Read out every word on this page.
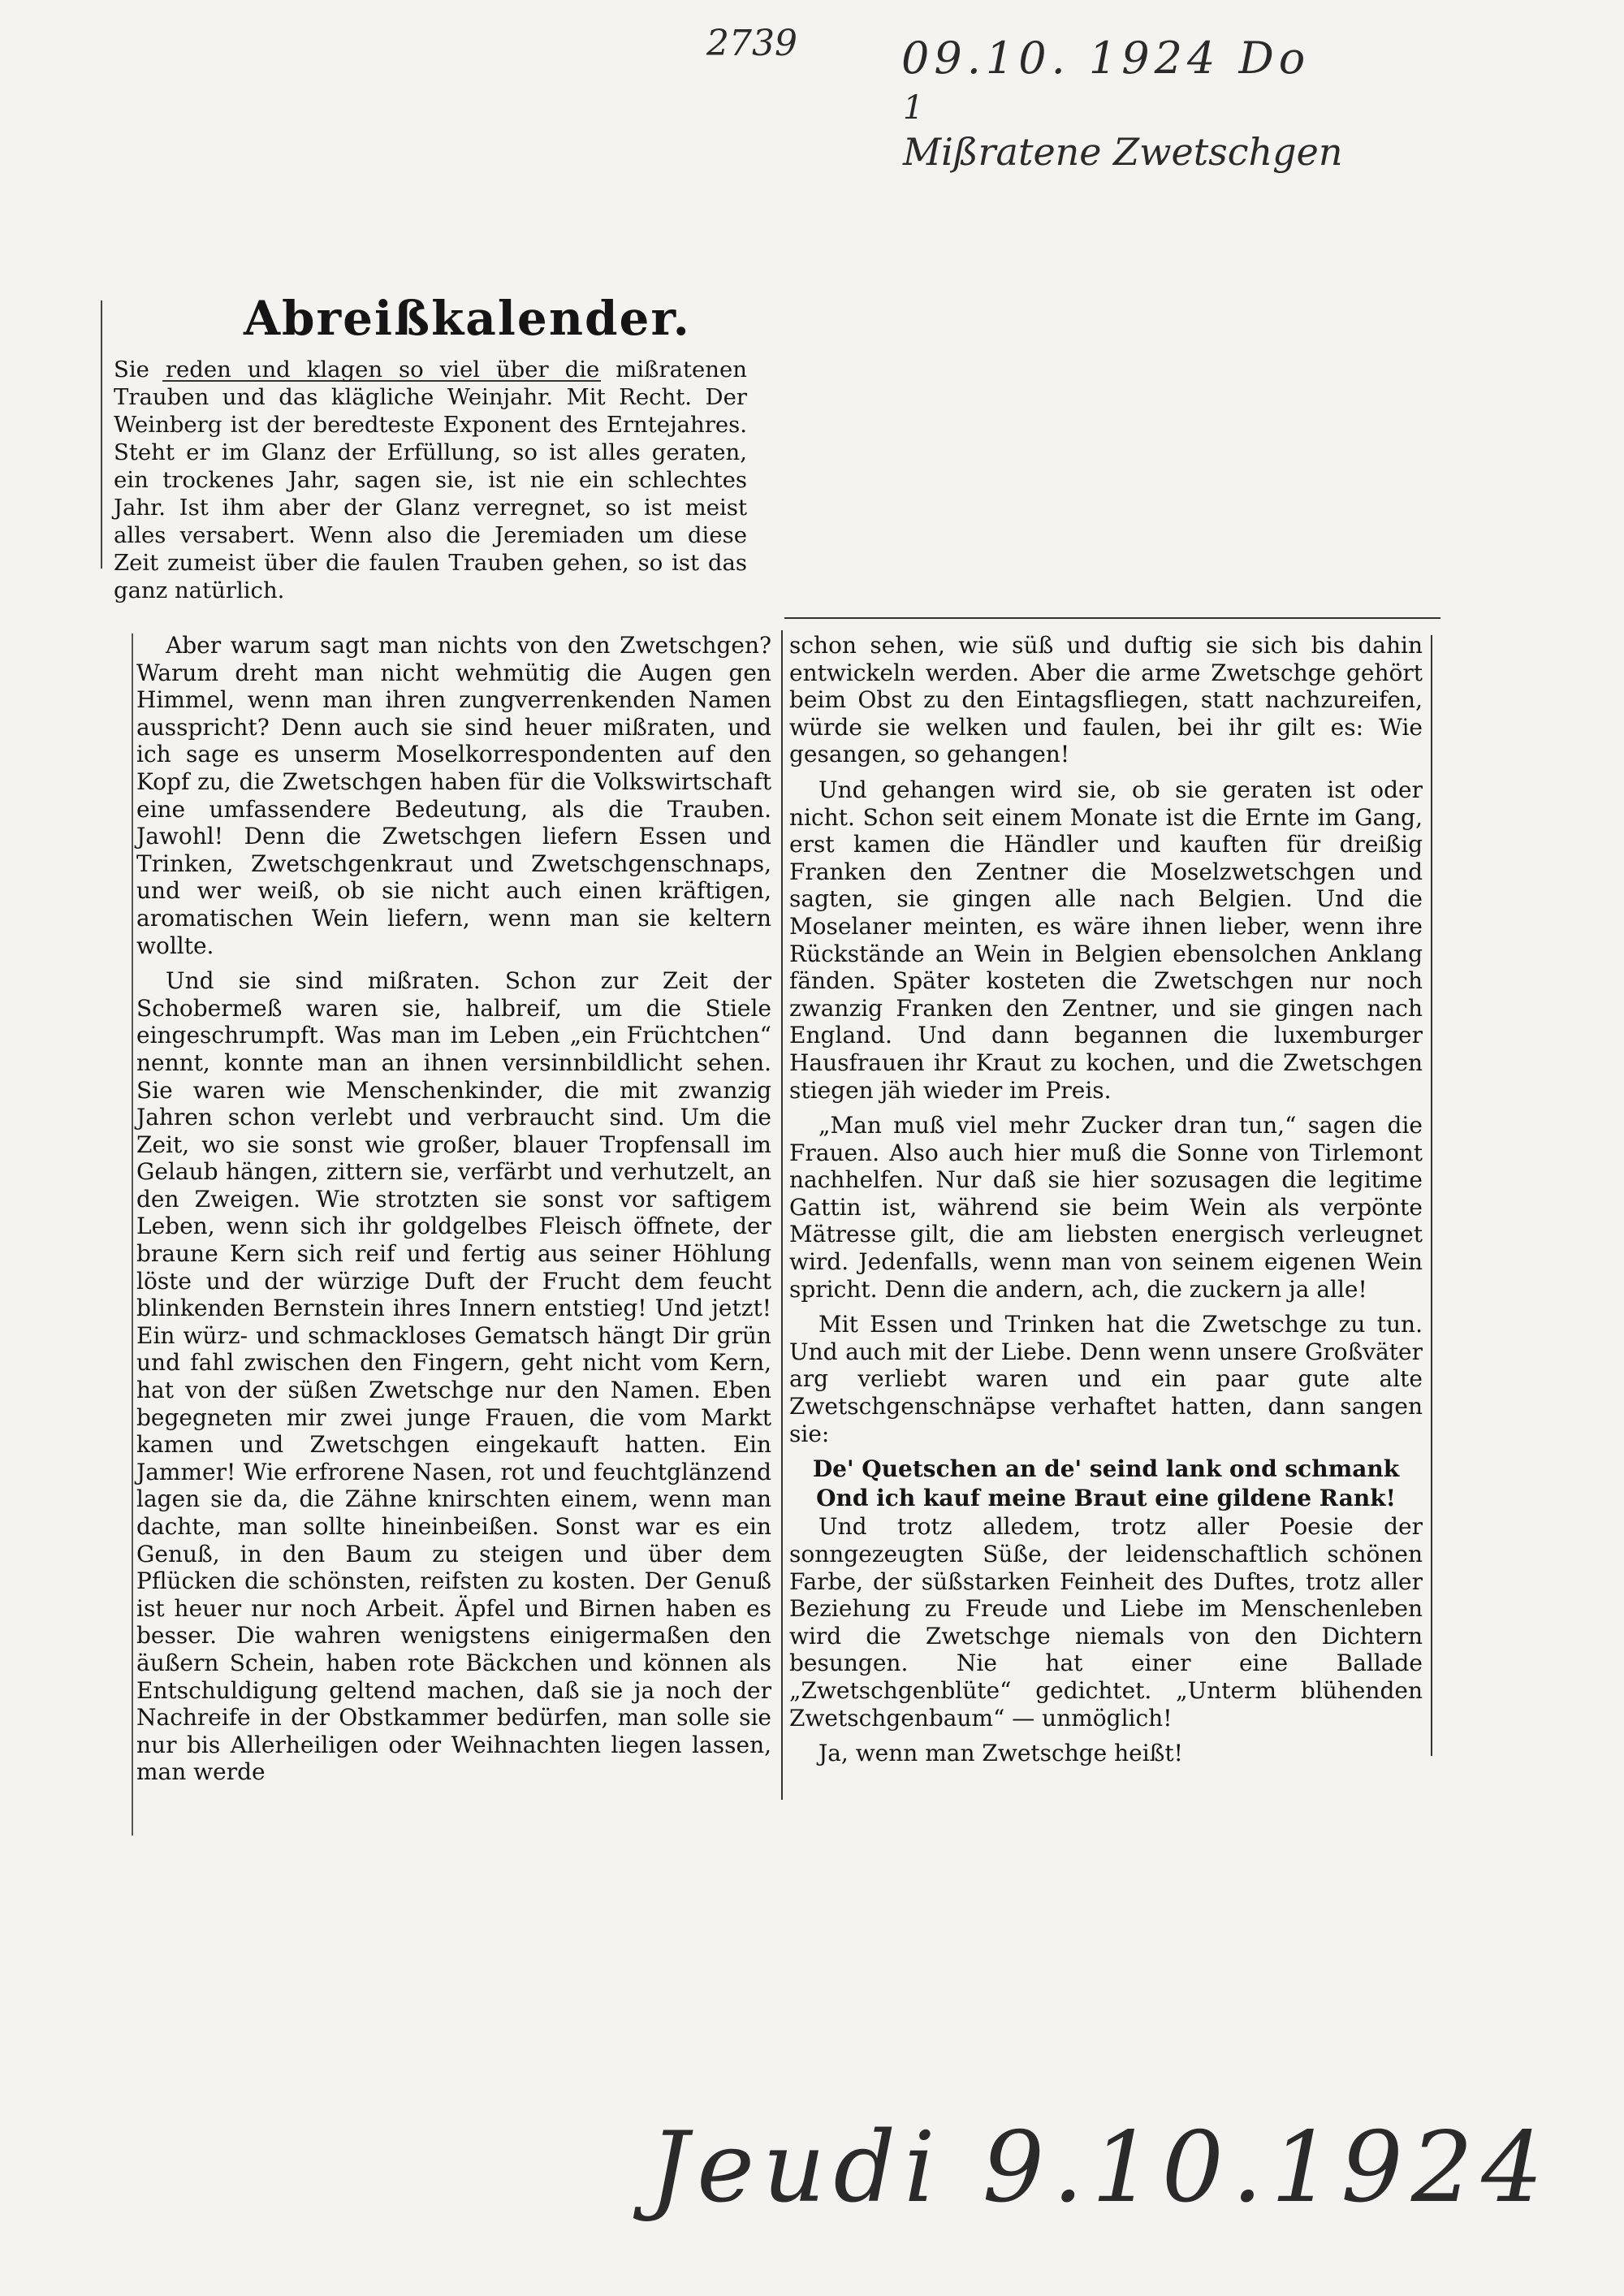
2739 09.10. 1924 Do
1
Mißratene Zwetschgen
Abreißkalender.
Sie reden und klagen so viel über die mißratenen Trauben und das klägliche Weinjahr. Mit Recht. Der Weinberg ist der beredteste Exponent des Erntejahres. Steht er im Glanz der Erfüllung, so ist alles geraten, ein trockenes Jahr, sagen sie, ist nie ein schlechtes Jahr. Ist ihm aber der Glanz verregnet, so ist meist alles versabert. Wenn also die Jeremiaden um diese Zeit zumeist über die faulen Trauben gehen, so ist das ganz natürlich.

Aber warum sagt man nichts von den Zwetschgen? Warum dreht man nicht wehmütig die Augen gen Himmel, wenn man ihren zungverrenkenden Namen ausspricht? Denn auch sie sind heuer mißraten, und ich sage es unserm Moselkorrespondenten auf den Kopf zu, die Zwetschgen haben für die Volkswirtschaft eine umfassendere Bedeutung, als die Trauben. Jawohl! Denn die Zwetschgen liefern Essen und Trinken, Zwetschgenkraut und Zwetschgenschnaps, und wer weiß, ob sie nicht auch einen kräftigen, aromatischen Wein liefern, wenn man sie keltern wollte.

Und sie sind mißraten. Schon zur Zeit der Schobermeß waren sie, halbreif, um die Stiele eingeschrumpft. Was man im Leben „ein Früchtchen“ nennt, konnte man an ihnen versinnbildlicht sehen. Sie waren wie Menschenkinder, die mit zwanzig Jahren schon verlebt und verbraucht sind. Um die Zeit, wo sie sonst wie großer, blauer Tropfensall im Gelaub hängen, zittern sie, verfärbt und verhutzelt, an den Zweigen. Wie strotzten sie sonst vor saftigem Leben, wenn sich ihr goldgelbes Fleisch öffnete, der braune Kern sich reif und fertig aus seiner Höhlung löste und der würzige Duft der Frucht dem feucht blinkenden Bernstein ihres Innern entstieg! Und jetzt! Ein würz- und schmackloses Gematsch hängt Dir grün und fahl zwischen den Fingern, geht nicht vom Kern, hat von der süßen Zwetschge nur den Namen. Eben begegneten mir zwei junge Frauen, die vom Markt kamen und Zwetschgen eingekauft hatten. Ein Jammer! Wie erfrorene Nasen, rot und feuchtglänzend lagen sie da, die Zähne knirschten einem, wenn man dachte, man sollte hineinbeißen. Sonst war es ein Genuß, in den Baum zu steigen und über dem Pflücken die schönsten, reifsten zu kosten. Der Genuß ist heuer nur noch Arbeit. Äpfel und Birnen haben es besser. Die wahren wenigstens einigermaßen den äußern Schein, haben rote Bäckchen und können als Entschuldigung geltend machen, daß sie ja noch der Nachreife in der Obstkammer bedürfen, man solle sie nur bis Allerheiligen oder Weihnachten liegen lassen, man werde

schon sehen, wie süß und duftig sie sich bis dahin entwickeln werden. Aber die arme Zwetschge gehört beim Obst zu den Eintagsfliegen, statt nachzureifen, würde sie welken und faulen, bei ihr gilt es: Wie gesangen, so gehangen!

Und gehangen wird sie, ob sie geraten ist oder nicht. Schon seit einem Monate ist die Ernte im Gang, erst kamen die Händler und kauften für dreißig Franken den Zentner die Moselzwetschgen und sagten, sie gingen alle nach Belgien. Und die Moselaner meinten, es wäre ihnen lieber, wenn ihre Rückstände an Wein in Belgien ebensolchen Anklang fänden. Später kosteten die Zwetschgen nur noch zwanzig Franken den Zentner, und sie gingen nach England. Und dann begannen die luxemburger Hausfrauen ihr Kraut zu kochen, und die Zwetschgen stiegen jäh wieder im Preis.

„Man muß viel mehr Zucker dran tun,“ sagen die Frauen. Also auch hier muß die Sonne von Tirlemont nachhelfen. Nur daß sie hier sozusagen die legitime Gattin ist, während sie beim Wein als verpönte Mätresse gilt, die am liebsten energisch verleugnet wird. Jedenfalls, wenn man von seinem eigenen Wein spricht. Denn die andern, ach, die zuckern ja alle!

Mit Essen und Trinken hat die Zwetschge zu tun. Und auch mit der Liebe. Denn wenn unsere Großväter arg verliebt waren und ein paar gute alte Zwetschgenschnäpse verhaftet hatten, dann sangen sie:

De' Quetschen an de' seind lank ond schmank

Ond ich kauf meine Braut eine gildene Rank!

Und trotz alledem, trotz aller Poesie der sonngezeugten Süße, der leidenschaftlich schönen Farbe, der süßstarken Feinheit des Duftes, trotz aller Beziehung zu Freude und Liebe im Menschenleben wird die Zwetschge niemals von den Dichtern besungen. Nie hat einer eine Ballade „Zwetschgenblüte“ gedichtet. „Unterm blühenden Zwetschgenbaum“ — unmöglich!

Ja, wenn man Zwetschge heißt!

Jeudi 9.10.1924
